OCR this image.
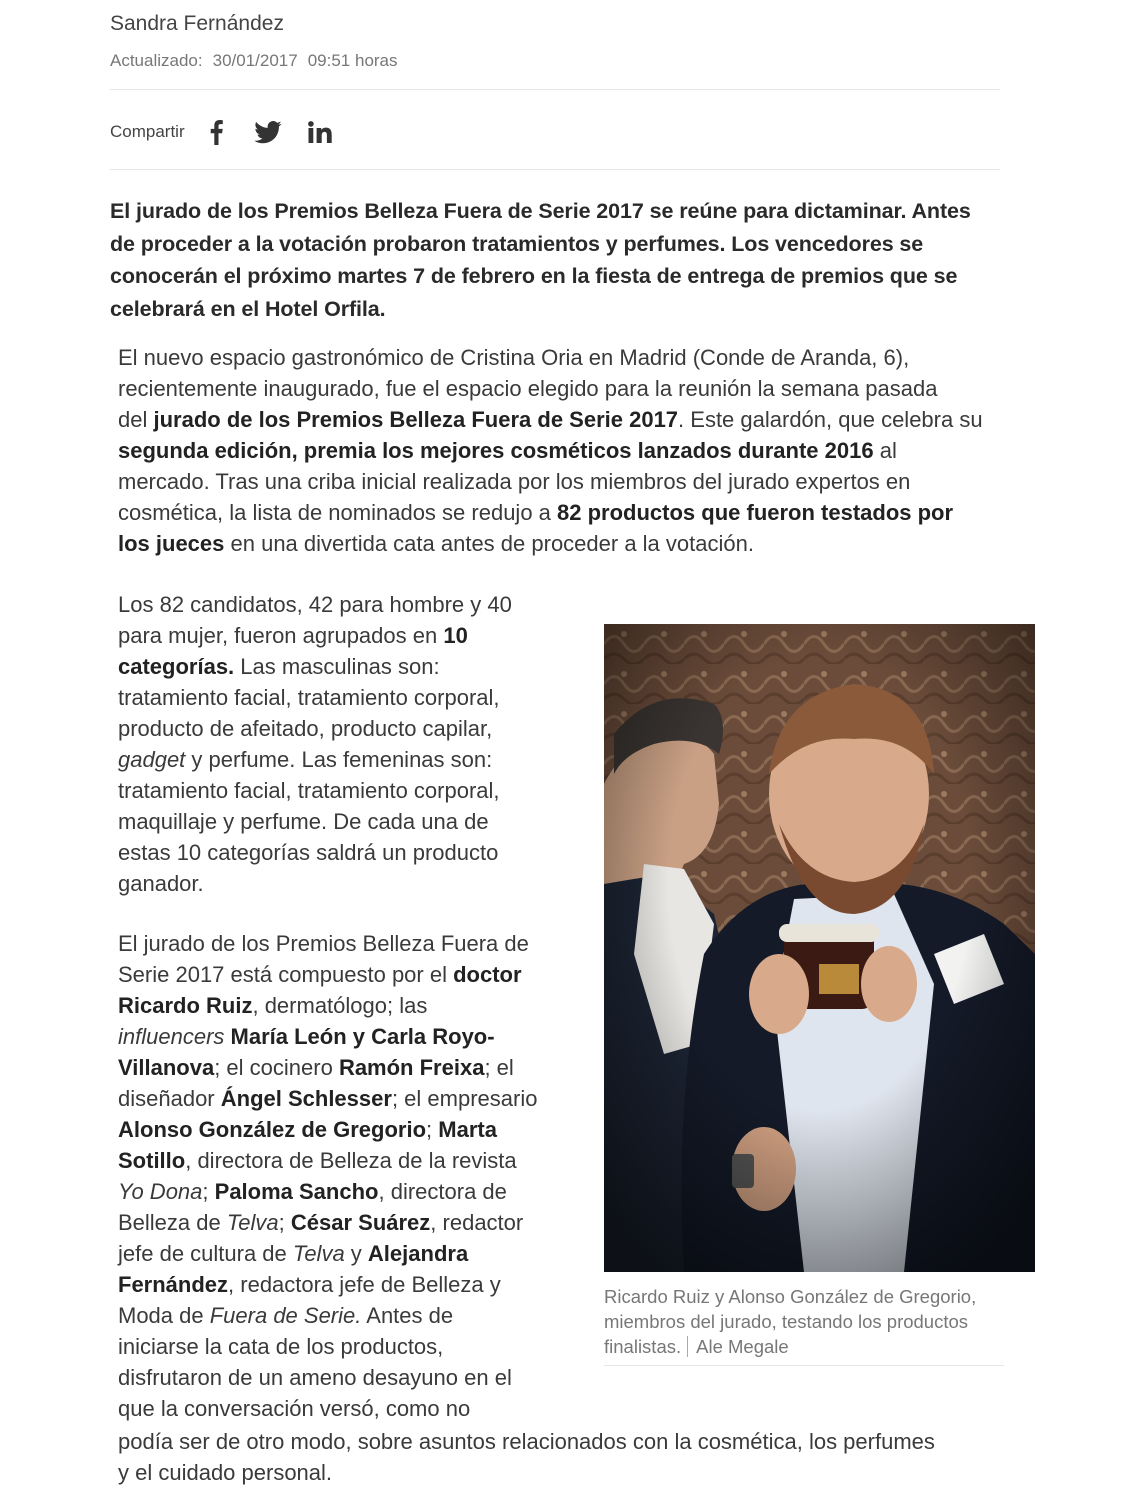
Sandra Fernández
Actualizado: 30/01/2017 09:51 horas
Compartir

El jurado de los Premios Belleza Fuera de Serie 2017 se reúne para dictaminar. Antes

de proceder a la votación probaron tratamientos y perfumes. Los vencedores se

conocerán el próximo martes 7 de febrero en la fiesta de entrega de premios que se

celebrará en el Hotel Orfila.

El nuevo espacio gastronómico de Cristina Oria en Madrid (Conde de Aranda, 6),

recientemente inaugurado, fue el espacio elegido para la reunión la semana pasada

del jurado de los Premios Belleza Fuera de Serie 2017. Este galardón, que celebra su

segunda edición, premia los mejores cosméticos lanzados durante 2016 al

mercado. Tras una criba inicial realizada por los miembros del jurado expertos en

cosmética, la lista de nominados se redujo a 82 productos que fueron testados por

los jueces en una divertida cata antes de proceder a la votación.

Los 82 candidatos, 42 para hombre y 40

para mujer, fueron agrupados en 10

categorías. Las masculinas son:

tratamiento facial, tratamiento corporal,

producto de afeitado, producto capilar,

gadget y perfume. Las femeninas son:

tratamiento facial, tratamiento corporal,

maquillaje y perfume. De cada una de

estas 10 categorías saldrá un producto

ganador.

El jurado de los Premios Belleza Fuera de

Serie 2017 está compuesto por el doctor

Ricardo Ruiz, dermatólogo; las

influencers María León y Carla Royo-

Villanova; el cocinero Ramón Freixa; el

diseñador Ángel Schlesser; el empresario

Alonso González de Gregorio; Marta

Sotillo, directora de Belleza de la revista

Yo Dona; Paloma Sancho, directora de

Belleza de Telva; César Suárez, redactor

jefe de cultura de Telva y Alejandra

Fernández, redactora jefe de Belleza y

Moda de Fuera de Serie. Antes de

iniciarse la cata de los productos,

disfrutaron de un ameno desayuno en el

que la conversación versó, como no

podía ser de otro modo, sobre asuntos relacionados con la cosmética, los perfumes

y el cuidado personal.

Ricardo Ruiz y Alonso González de Gregorio,
miembros del jurado, testando los productos
finalistas. Ale Megale
